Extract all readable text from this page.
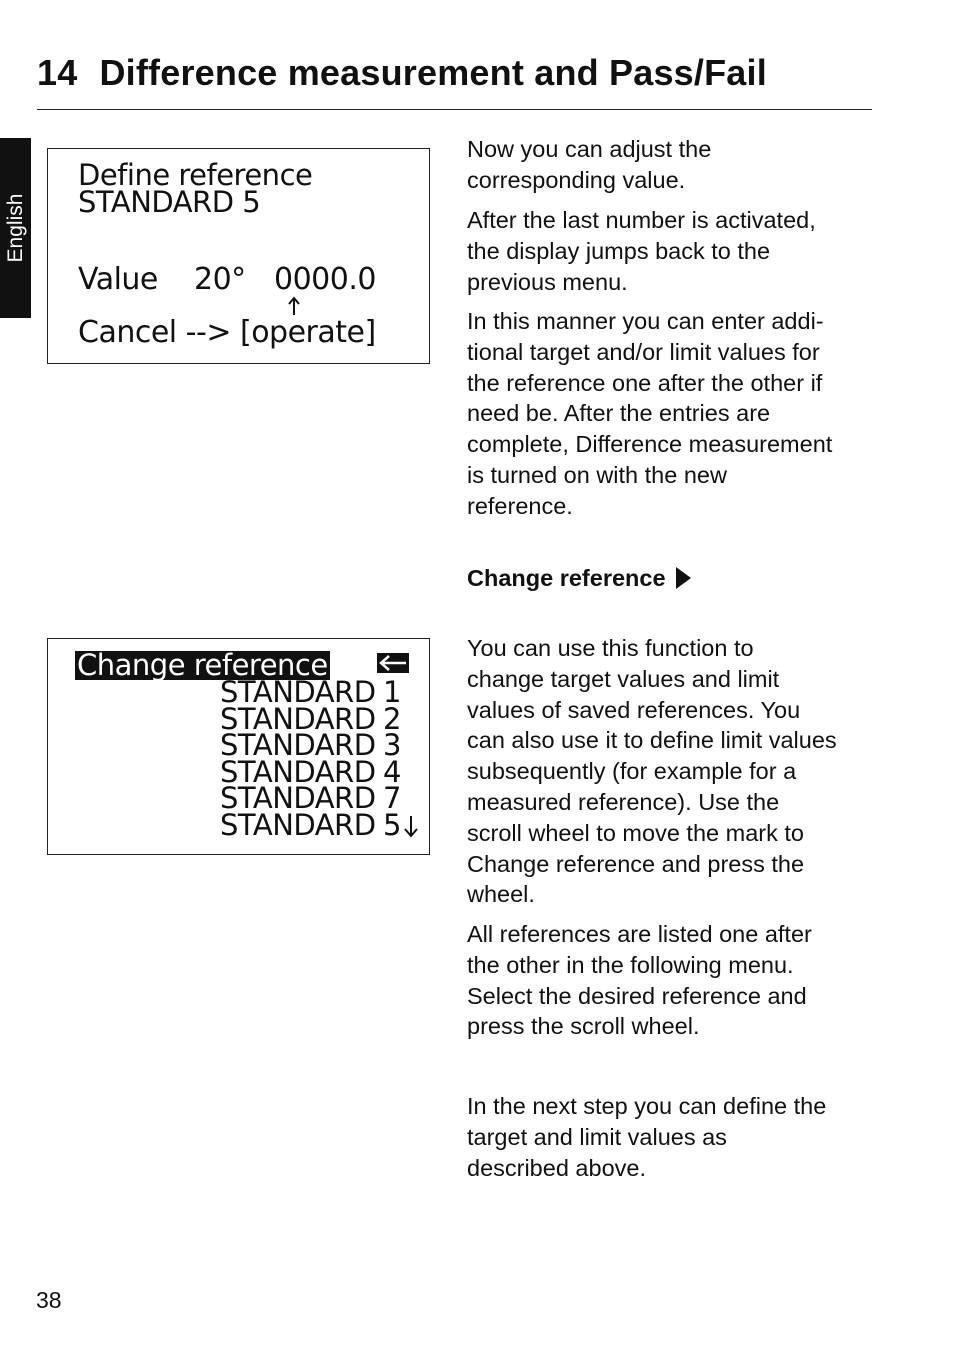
14 Difference measurement and Pass/Fail
English
Define reference
STANDARD 5
Value 20° 0000.0
Cancel --> [operate]
Change reference
STANDARD 1
STANDARD 2
STANDARD 3
STANDARD 4
STANDARD 7
STANDARD 5

Now you can adjust the
corresponding value.

After the last number is activated,
the display jumps back to the
previous menu.

In this manner you can enter addi-
tional target and/or limit values for
the reference one after the other if
need be. After the entries are
complete, Difference measurement
is turned on with the new
reference.

Change reference

You can use this function to
change target values and limit
values of saved references. You
can also use it to define limit values
subsequently (for example for a
measured reference). Use the
scroll wheel to move the mark to
Change reference and press the
wheel.

All references are listed one after
the other in the following menu.
Select the desired reference and
press the scroll wheel.

In the next step you can define the
target and limit values as
described above.

38
